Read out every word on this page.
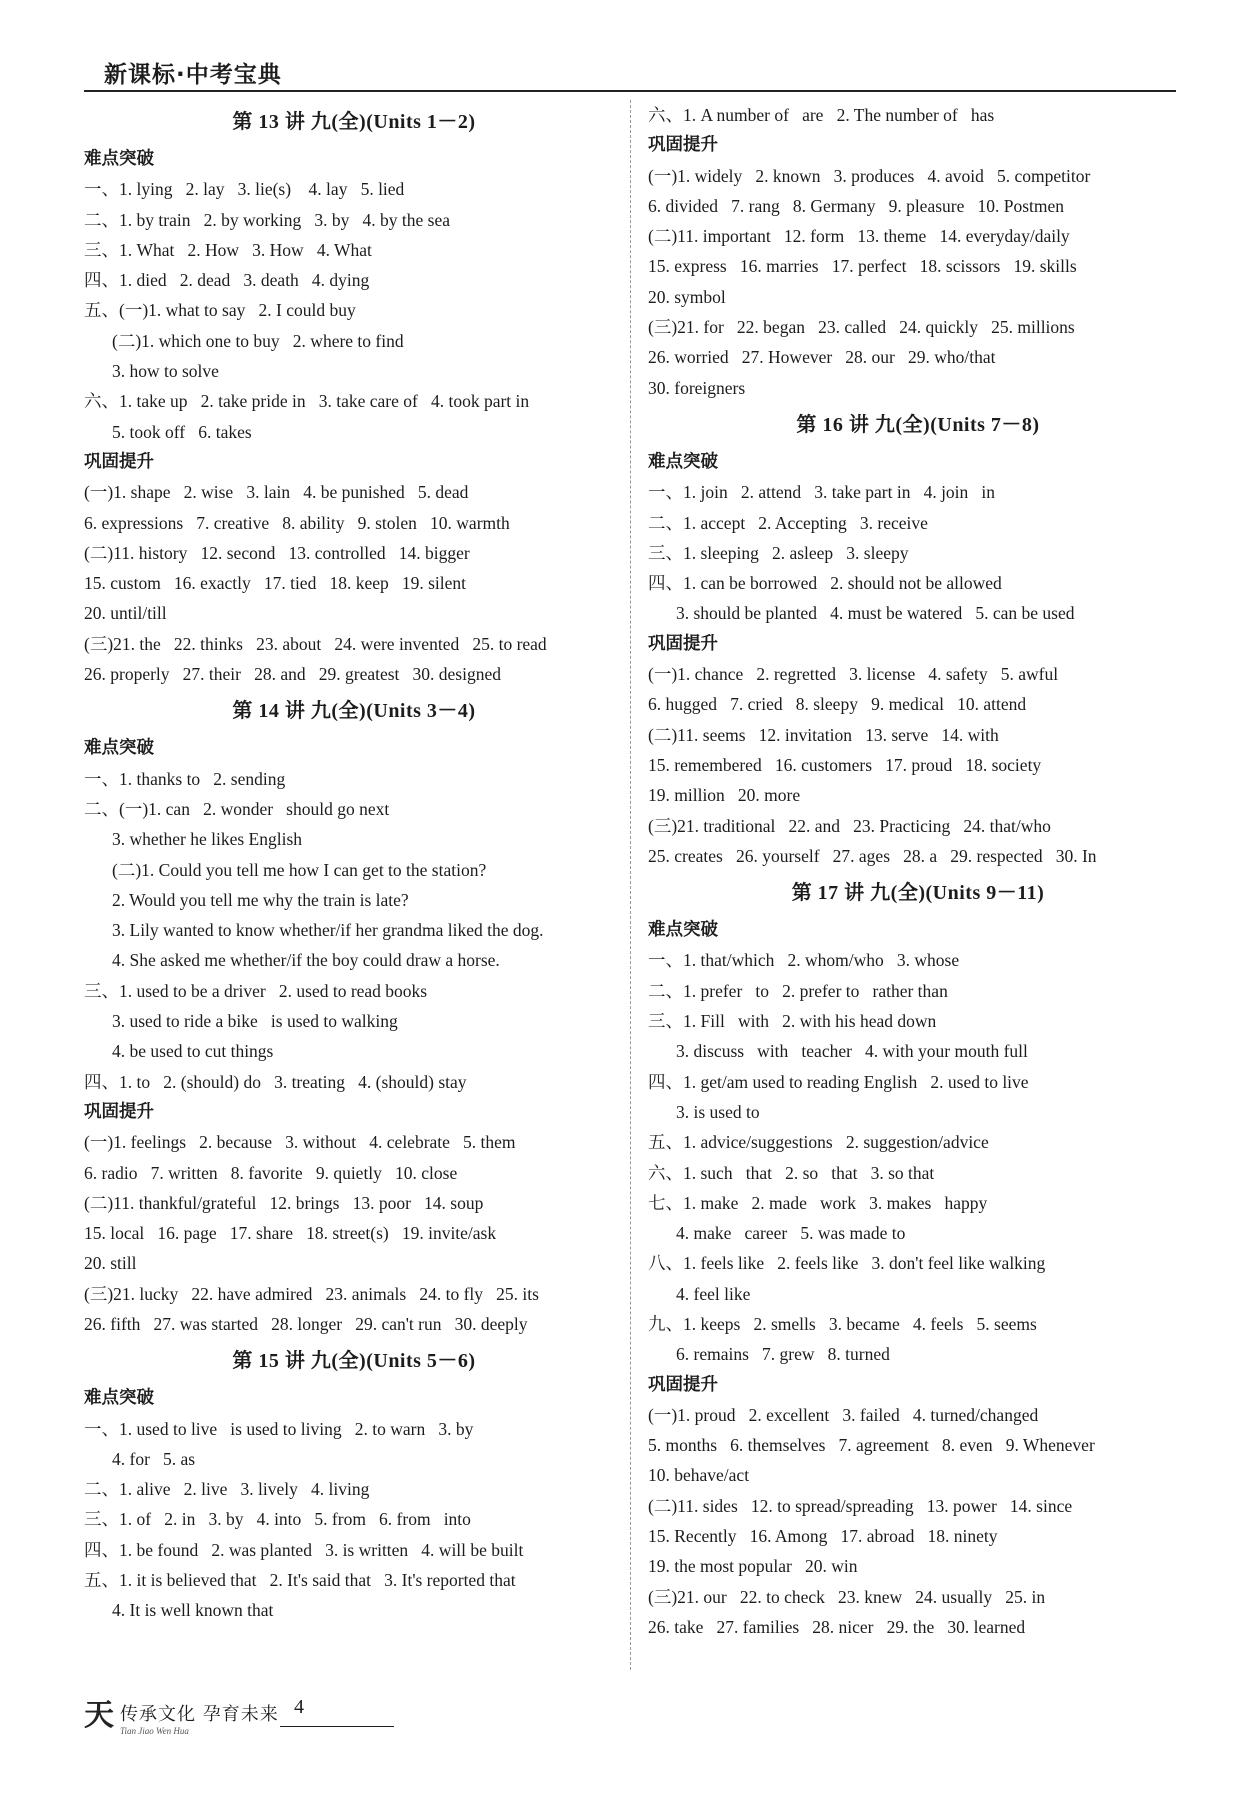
新课标·中考宝典
第 13 讲 九(全)(Units 1－2)
难点突破
一、1. lying   2. lay   3. lie(s)    4. lay   5. lied
二、1. by train   2. by working   3. by   4. by the sea
三、1. What   2. How   3. How   4. What
四、1. died   2. dead   3. death   4. dying
五、(一)1. what to say   2. I could buy
(二)1. which one to buy   2. where to find
3. how to solve
六、1. take up   2. take pride in   3. take care of   4. took part in
5. took off   6. takes
巩固提升
(一)1. shape   2. wise   3. lain   4. be punished   5. dead
6. expressions   7. creative   8. ability   9. stolen   10. warmth
(二)11. history   12. second   13. controlled   14. bigger
15. custom   16. exactly   17. tied   18. keep   19. silent
20. until/till
(三)21. the   22. thinks   23. about   24. were invented   25. to read
26. properly   27. their   28. and   29. greatest   30. designed
第 14 讲 九(全)(Units 3－4)
难点突破
一、1. thanks to   2. sending
二、(一)1. can   2. wonder   should go next
3. whether he likes English
(二)1. Could you tell me how I can get to the station?
2. Would you tell me why the train is late?
3. Lily wanted to know whether/if her grandma liked the dog.
4. She asked me whether/if the boy could draw a horse.
三、1. used to be a driver   2. used to read books
3. used to ride a bike   is used to walking
4. be used to cut things
四、1. to   2. (should) do   3. treating   4. (should) stay
巩固提升
(一)1. feelings   2. because   3. without   4. celebrate   5. them
6. radio   7. written   8. favorite   9. quietly   10. close
(二)11. thankful/grateful   12. brings   13. poor   14. soup
15. local   16. page   17. share   18. street(s)   19. invite/ask
20. still
(三)21. lucky   22. have admired   23. animals   24. to fly   25. its
26. fifth   27. was started   28. longer   29. can't run   30. deeply
第 15 讲 九(全)(Units 5－6)
难点突破
一、1. used to live   is used to living   2. to warn   3. by
4. for   5. as
二、1. alive   2. live   3. lively   4. living
三、1. of   2. in   3. by   4. into   5. from   6. from   into
四、1. be found   2. was planted   3. is written   4. will be built
五、1. it is believed that   2. It's said that   3. It's reported that
4. It is well known that
六、1. A number of   are   2. The number of   has
巩固提升
(一)1. widely   2. known   3. produces   4. avoid   5. competitor
6. divided   7. rang   8. Germany   9. pleasure   10. Postmen
(二)11. important   12. form   13. theme   14. everyday/daily
15. express   16. marries   17. perfect   18. scissors   19. skills
20. symbol
(三)21. for   22. began   23. called   24. quickly   25. millions
26. worried   27. However   28. our   29. who/that
30. foreigners
第 16 讲 九(全)(Units 7－8)
难点突破
一、1. join   2. attend   3. take part in   4. join   in
二、1. accept   2. Accepting   3. receive
三、1. sleeping   2. asleep   3. sleepy
四、1. can be borrowed   2. should not be allowed
3. should be planted   4. must be watered   5. can be used
巩固提升
(一)1. chance   2. regretted   3. license   4. safety   5. awful
6. hugged   7. cried   8. sleepy   9. medical   10. attend
(二)11. seems   12. invitation   13. serve   14. with
15. remembered   16. customers   17. proud   18. society
19. million   20. more
(三)21. traditional   22. and   23. Practicing   24. that/who
25. creates   26. yourself   27. ages   28. a   29. respected   30. In
第 17 讲 九(全)(Units 9－11)
难点突破
一、1. that/which   2. whom/who   3. whose
二、1. prefer   to   2. prefer to   rather than
三、1. Fill   with   2. with his head down
3. discuss   with   teacher   4. with your mouth full
四、1. get/am used to reading English   2. used to live
3. is used to
五、1. advice/suggestions   2. suggestion/advice
六、1. such   that   2. so   that   3. so that
七、1. make   2. made   work   3. makes   happy
4. make   career   5. was made to
八、1. feels like   2. feels like   3. don't feel like walking
4. feel like
九、1. keeps   2. smells   3. became   4. feels   5. seems
6. remains   7. grew   8. turned
巩固提升
(一)1. proud   2. excellent   3. failed   4. turned/changed
5. months   6. themselves   7. agreement   8. even   9. Whenever
10. behave/act
(二)11. sides   12. to spread/spreading   13. power   14. since
15. Recently   16. Among   17. abroad   18. ninety
19. the most popular   20. win
(三)21. our   22. to check   23. knew   24. usually   25. in
26. take   27. families   28. nicer   29. the   30. learned
天 传承文化 孕育未来
Tian Jiao Wen Hua
4
